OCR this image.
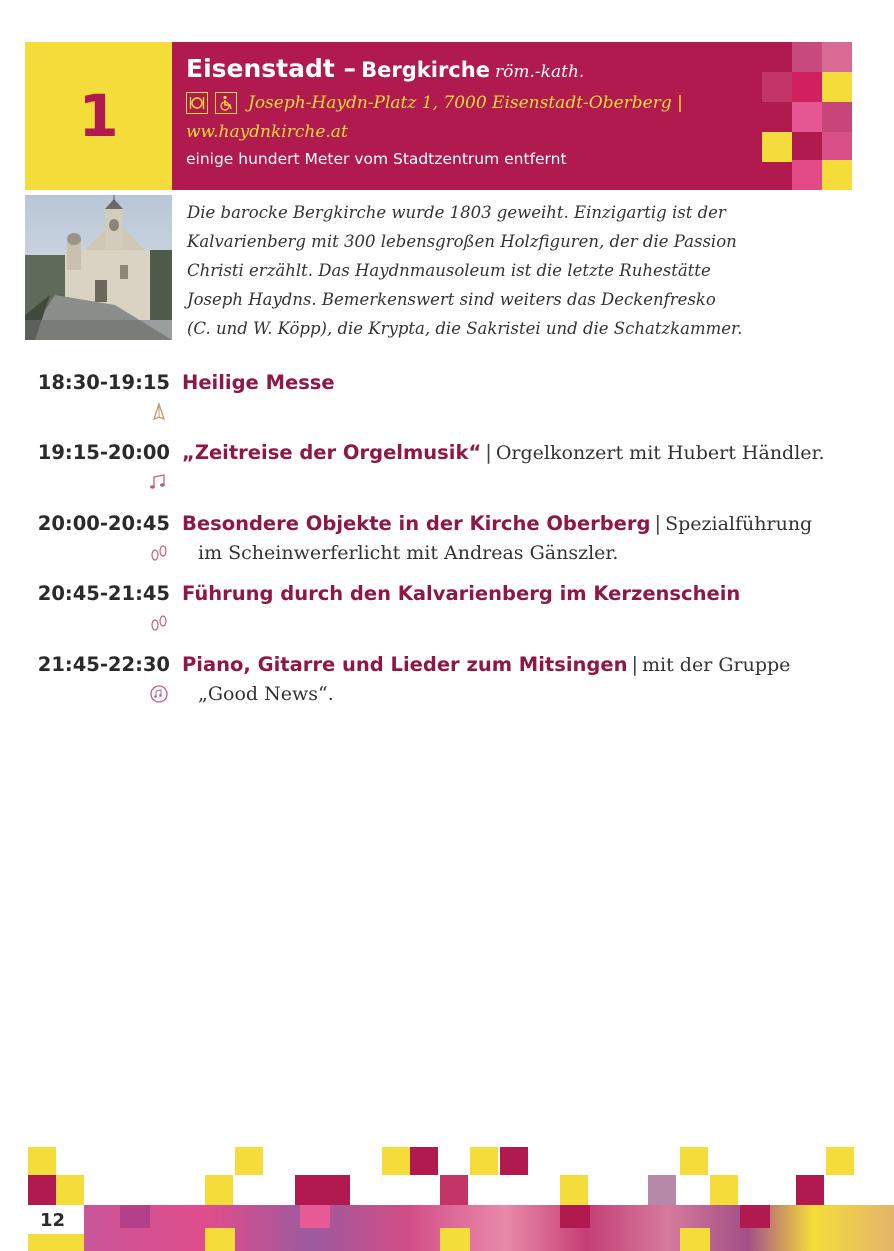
1
Eisenstadt – Bergkirche röm.-kath.
Joseph-Haydn-Platz 1, 7000 Eisenstadt-Oberberg |
ww.haydnkirche.at
einige hundert Meter vom Stadtzentrum entfernt
Die barocke Bergkirche wurde 1803 geweiht. Einzigartig ist der
Kalvarienberg mit 300 lebensgroßen Holzfiguren, der die Passion
Christi erzählt. Das Haydnmausoleum ist die letzte Ruhestätte
Joseph Haydns. Bemerkenswert sind weiters das Deckenfresko
(C. und W. Köpp), die Krypta, die Sakristei und die Schatzkammer.
18:30-19:15 Heilige Messe
19:15-20:00 „Zeitreise der Orgelmusik“ | Orgelkonzert mit Hubert Händler.
20:00-20:45 Besondere Objekte in der Kirche Oberberg | Spezialführung
im Scheinwerferlicht mit Andreas Gänszler.
20:45-21:45 Führung durch den Kalvarienberg im Kerzenschein
21:45-22:30 Piano, Gitarre und Lieder zum Mitsingen | mit der Gruppe
„Good News“.
12
